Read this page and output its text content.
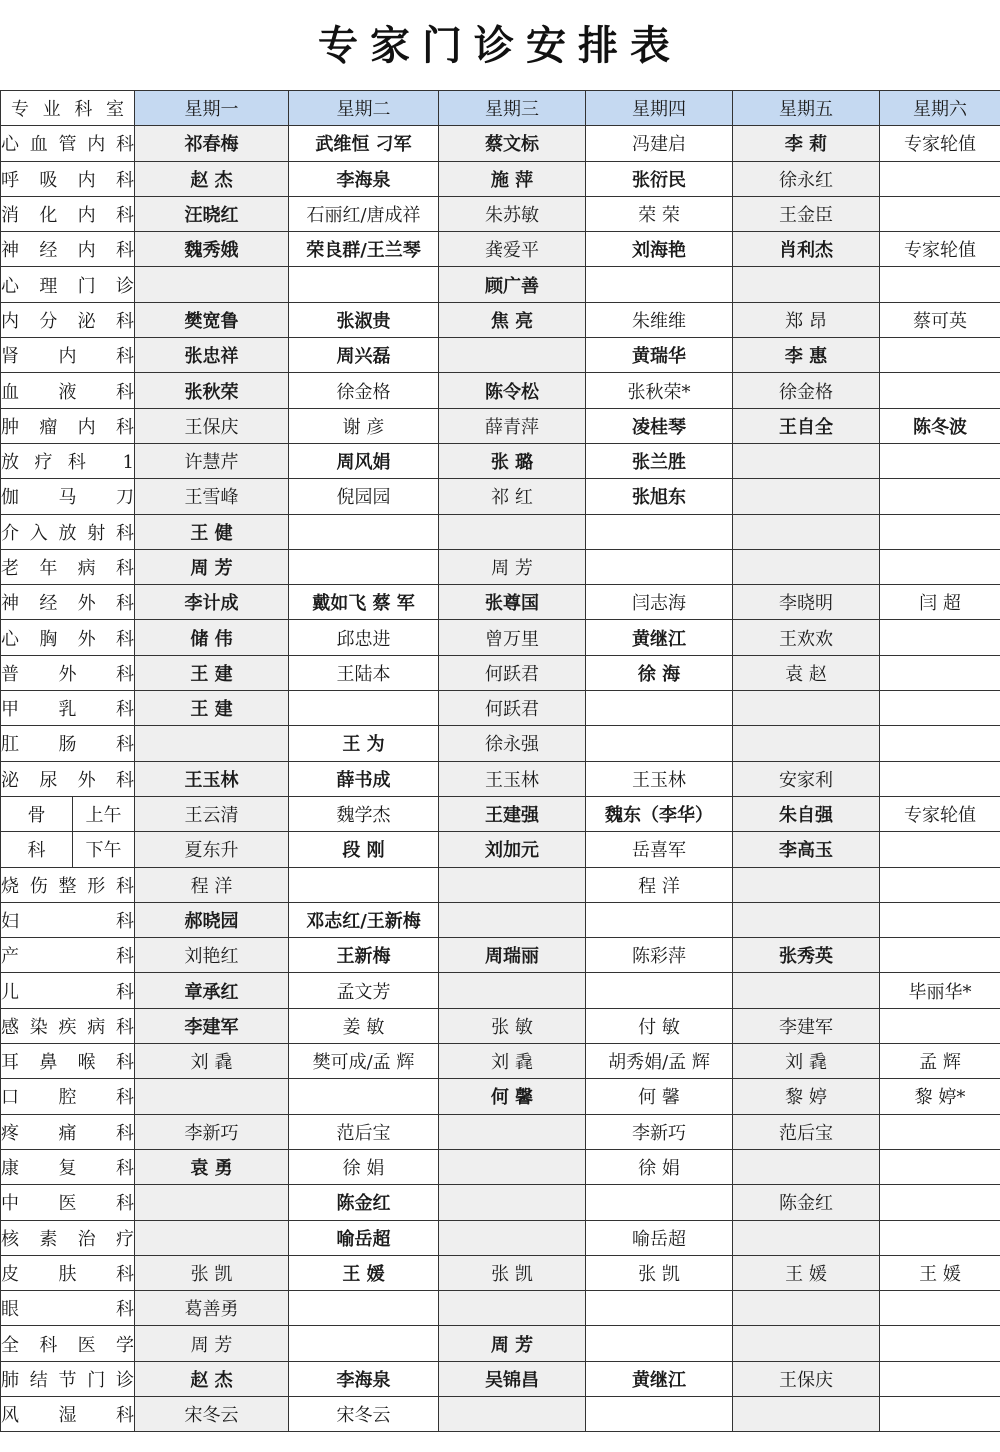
专家门诊安排表
专业科室		星期一	星期二	星期三	星期四	星期五	星期六
心血管内科		祁春梅	武维恒 刁军	蔡文标	冯建启	李 莉	专家轮值
呼吸内科		赵 杰	李海泉	施 萍	张衍民	徐永红	
消化内科		汪晓红	石丽红/唐成祥	朱苏敏	荣 荣	王金臣	
神经内科		魏秀娥	荣良群/王兰琴	龚爱平	刘海艳	肖利杰	专家轮值
心理门诊				顾广善			
内分泌科		樊宽鲁	张淑贵	焦 亮	朱维维	郑 昂	蔡可英
肾内科		张忠祥	周兴磊		黄瑞华	李 惠	
血液科		张秋荣	徐金格	陈令松	张秋荣*	徐金格	
肿瘤内科		王保庆	谢 彦	薛青萍	凌桂琴	王自全	陈冬波
放疗科 1		许慧芹	周风娟	张 璐	张兰胜		
伽马刀		王雪峰	倪园园	祁 红	张旭东		
介入放射科		王 健					
老年病科		周 芳		周 芳			
神经外科		李计成	戴如飞 蔡 军	张尊国	闫志海	李晓明	闫 超
心胸外科		储 伟	邱忠进	曾万里	黄继江	王欢欢	
普外科		王 建	王陆本	何跃君	徐 海	袁 赵	
甲乳科		王 建		何跃君			
肛肠科			王 为	徐永强			
泌尿外科		王玉林	薛书成	王玉林	王玉林	安家利	
骨	上午	王云清	魏学杰	王建强	魏东（李华）	朱自强	专家轮值
科	下午	夏东升	段 刚	刘加元	岳喜军	李高玉	
烧伤整形科		程 洋			程 洋		
妇科		郝晓园	邓志红/王新梅				
产科		刘艳红	王新梅	周瑞丽	陈彩萍	张秀英	
儿科		章承红	孟文芳				毕丽华*
感染疾病科		李建军	姜 敏	张 敏	付 敏	李建军	
耳鼻喉科		刘 毳	樊可成/孟 辉	刘 毳	胡秀娟/孟 辉	刘 毳	孟 辉
口腔科				何 馨	何 馨	黎 婷	黎 婷*
疼痛科		李新巧	范后宝		李新巧	范后宝	
康复科		袁 勇	徐 娟		徐 娟		
中医科			陈金红			陈金红	
核素治疗			喻岳超		喻岳超		
皮肤科		张 凯	王 媛	张 凯	张 凯	王 媛	王 媛
眼科		葛善勇					
全科医学		周 芳		周 芳			
肺结节门诊		赵 杰	李海泉	吴锦昌	黄继江	王保庆	
风湿科		宋冬云	宋冬云				
